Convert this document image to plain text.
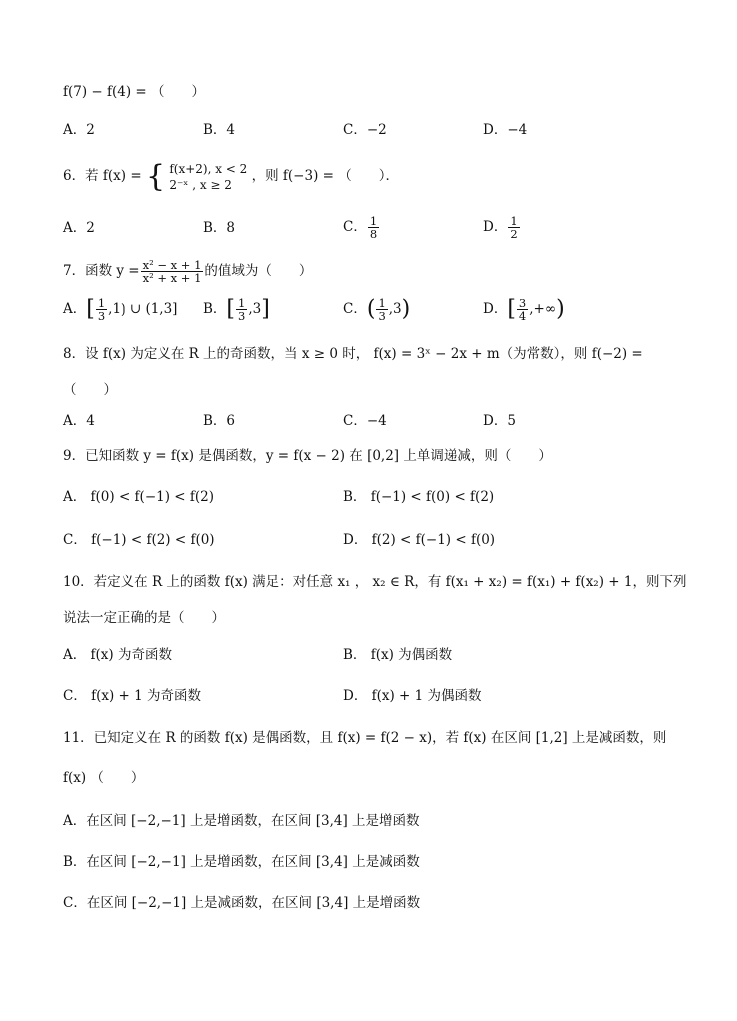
f(7) − f(4) = （　　）
A．2	B．4	C．−2	D．−4
6．若 f(x) = { f(x+2), x < 2
2⁻ˣ , x ≥ 2
，则 f(−3) = （　　）．
A．2	B．8	C． $\frac{1}{8}$	D． $\frac{1}{2}$
7．函数 $y = \frac{\text{x² − x + 1}}{\text{x² + x + 1}}$ 的值域为（　　）
A．[ $\frac{1}{3}$ ,1⟯ ∪ (1,3] B．[ $\frac{1}{3} ,3$]	C．( $\frac{1}{3} ,3$)	D．[ $\frac{3}{4}$ ,+∞)
8．设 f(x) 为定义在 R 上的奇函数，当 x ≥ 0 时， f(x) = 3ˣ − 2x + m（为常数），则 f(−2) =
（　　）
A．4	B．6	C．−4	D．5
9．已知函数 y = f(x) 是偶函数，y = f(x − 2) 在 [0,2] 上单调递减，则（　　）
A． f(0) < f(−1) < f(2)	B． f(−1) < f(0) < f(2)
C． f(−1) < f(2) < f(0)	D． f(2) < f(−1) < f(0)
10．若定义在 R 上的函数 f(x) 满足：对任意 x₁ ， x₂ ∈ R，有 f(x₁ + x₂) = f(x₁) + f(x₂) + 1，则下列
说法一定正确的是（　　）
A． f(x) 为奇函数	B． f(x) 为偶函数
C． f(x) + 1 为奇函数	D． f(x) + 1 为偶函数
11．已知定义在 R 的函数 f(x) 是偶函数，且 f(x) = f(2 − x)，若 f(x) 在区间 [1,2] 上是减函数，则
f(x) （　　）
A．在区间 [−2,−1] 上是增函数，在区间 [3,4] 上是增函数
B．在区间 [−2,−1] 上是增函数，在区间 [3,4] 上是减函数
C．在区间 [−2,−1] 上是减函数，在区间 [3,4] 上是增函数
